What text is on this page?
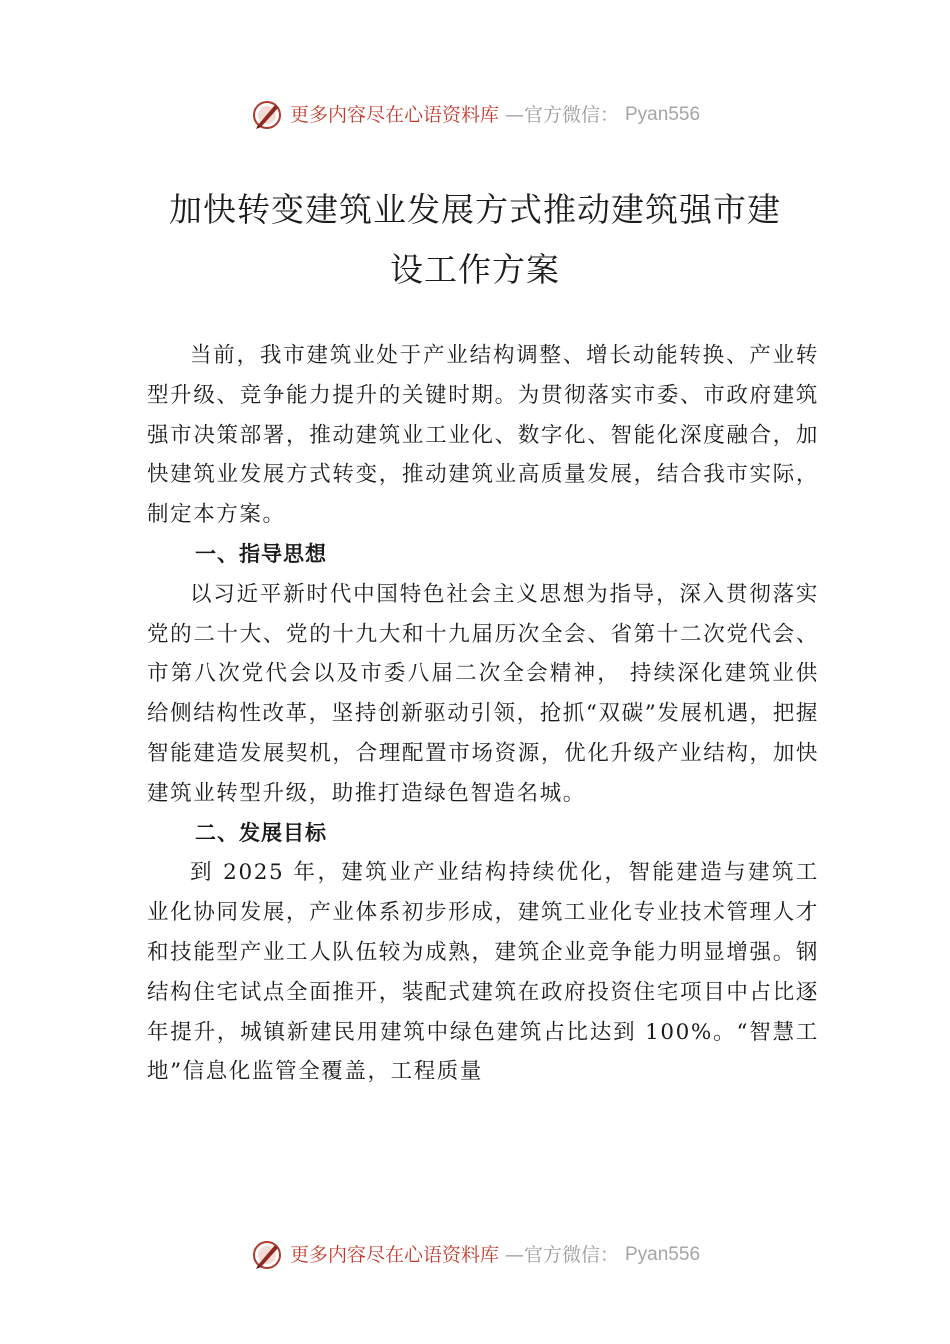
更多内容尽在心语资料库 —官方微信： Pyan556
加快转变建筑业发展方式推动建筑强市建
设工作方案

当前，我市建筑业处于产业结构调整、增长动能转换、产业转型升级、竞争能力提升的关键时期。为贯彻落实市委、市政府建筑强市决策部署，推动建筑业工业化、数字化、智能化深度融合，加快建筑业发展方式转变，推动建筑业高质量发展，结合我市实际，制定本方案。

一、指导思想

以习近平新时代中国特色社会主义思想为指导，深入贯彻落实党的二十大、党的十九大和十九届历次全会、省第十二次党代会、市第八次党代会以及市委八届二次全会精神， 持续深化建筑业供给侧结构性改革，坚持创新驱动引领，抢抓“双碳”发展机遇，把握智能建造发展契机，合理配置市场资源，优化升级产业结构，加快建筑业转型升级，助推打造绿色智造名城。

二、发展目标

到 2025 年，建筑业产业结构持续优化，智能建造与建筑工业化协同发展，产业体系初步形成，建筑工业化专业技术管理人才和技能型产业工人队伍较为成熟，建筑企业竞争能力明显增强。钢结构住宅试点全面推开，装配式建筑在政府投资住宅项目中占比逐年提升，城镇新建民用建筑中绿色建筑占比达到 100%。“智慧工地”信息化监管全覆盖，工程质量

更多内容尽在心语资料库 —官方微信： Pyan556
